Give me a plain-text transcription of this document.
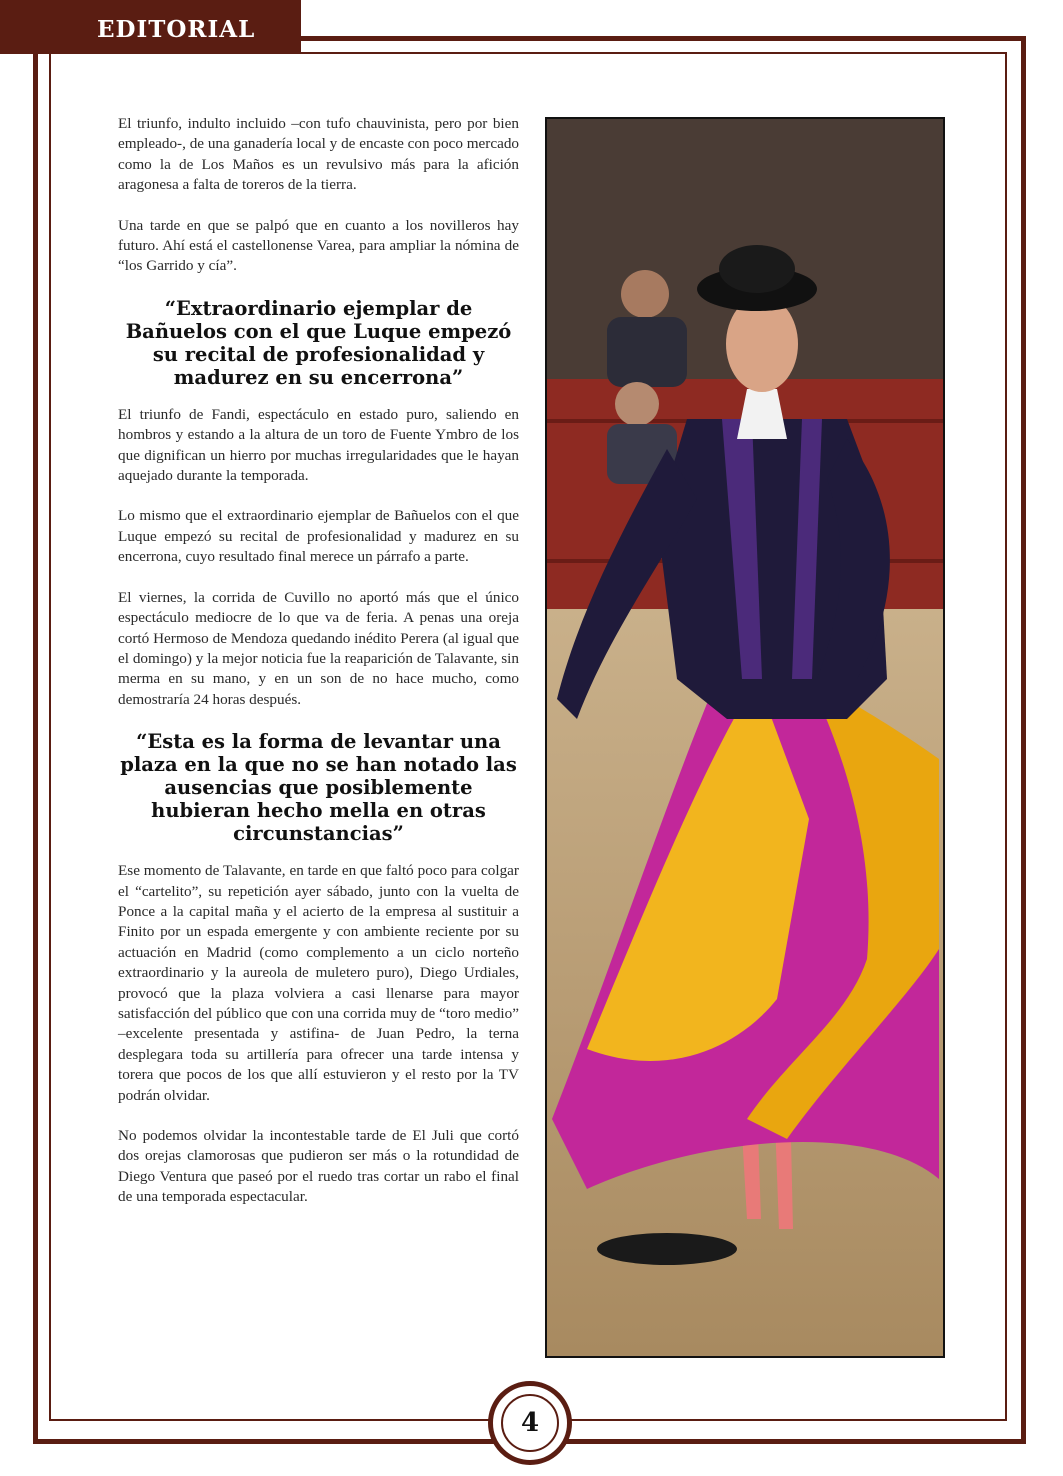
EDITORIAL

El triunfo, indulto incluido –con tufo chauvinista, pero por bien empleado-, de una ganadería local y de encaste con poco mercado como la de Los Maños es un revulsivo más para la afición aragonesa a falta de toreros de la tierra.

Una tarde en que se palpó que en cuanto a los novilleros hay futuro. Ahí está el castellonense Varea, para ampliar la nómina de “los Garrido y cía”.

“Extraordinario ejemplar de Bañuelos con el que Luque empezó su recital de profesionalidad y madurez en su encerrona”

El triunfo de Fandi, espectáculo en estado puro, saliendo en hombros y estando a la altura de un toro de Fuente Ymbro de los que dignifican un hierro por muchas irregularidades que le hayan aquejado durante la temporada.

Lo mismo que el extraordinario ejemplar de Bañuelos con el que Luque empezó su recital de profesionalidad y madurez en su encerrona, cuyo resultado final merece un párrafo a parte.

El viernes, la corrida de Cuvillo no aportó más que el único espectáculo mediocre de lo que va de feria. A penas una oreja cortó Hermoso de Mendoza quedando inédito Perera (al igual que el domingo) y la mejor noticia fue la reaparición de Talavante, sin merma en su mano, y en un son de no hace mucho, como demostraría 24 horas después.

“Esta es la forma de levantar una plaza en la que no se han notado las ausencias que posiblemente hubieran hecho mella en otras circunstancias”

Ese momento de Talavante, en tarde en que faltó poco para colgar el “cartelito”, su repetición ayer sábado, junto con la vuelta de Ponce a la capital maña y el acierto de la empresa al sustituir a Finito por un espada emergente y con ambiente reciente por su actuación en Madrid (como complemento a un ciclo norteño extraordinario y la aureola de muletero puro), Diego Urdiales, provocó que la plaza volviera a casi llenarse para mayor satisfacción del público que con una corrida muy de “toro medio” –excelente presentada y astifina- de Juan Pedro, la terna desplegara toda su artillería para ofrecer una tarde intensa y torera que pocos de los que allí estuvieron y el resto por la TV podrán olvidar.

No podemos olvidar la incontestable tarde de El Juli que cortó dos orejas clamorosas que pudieron ser más o la rotundidad de Diego Ventura que paseó por el ruedo tras cortar un rabo el final de una temporada espectacular.

4
